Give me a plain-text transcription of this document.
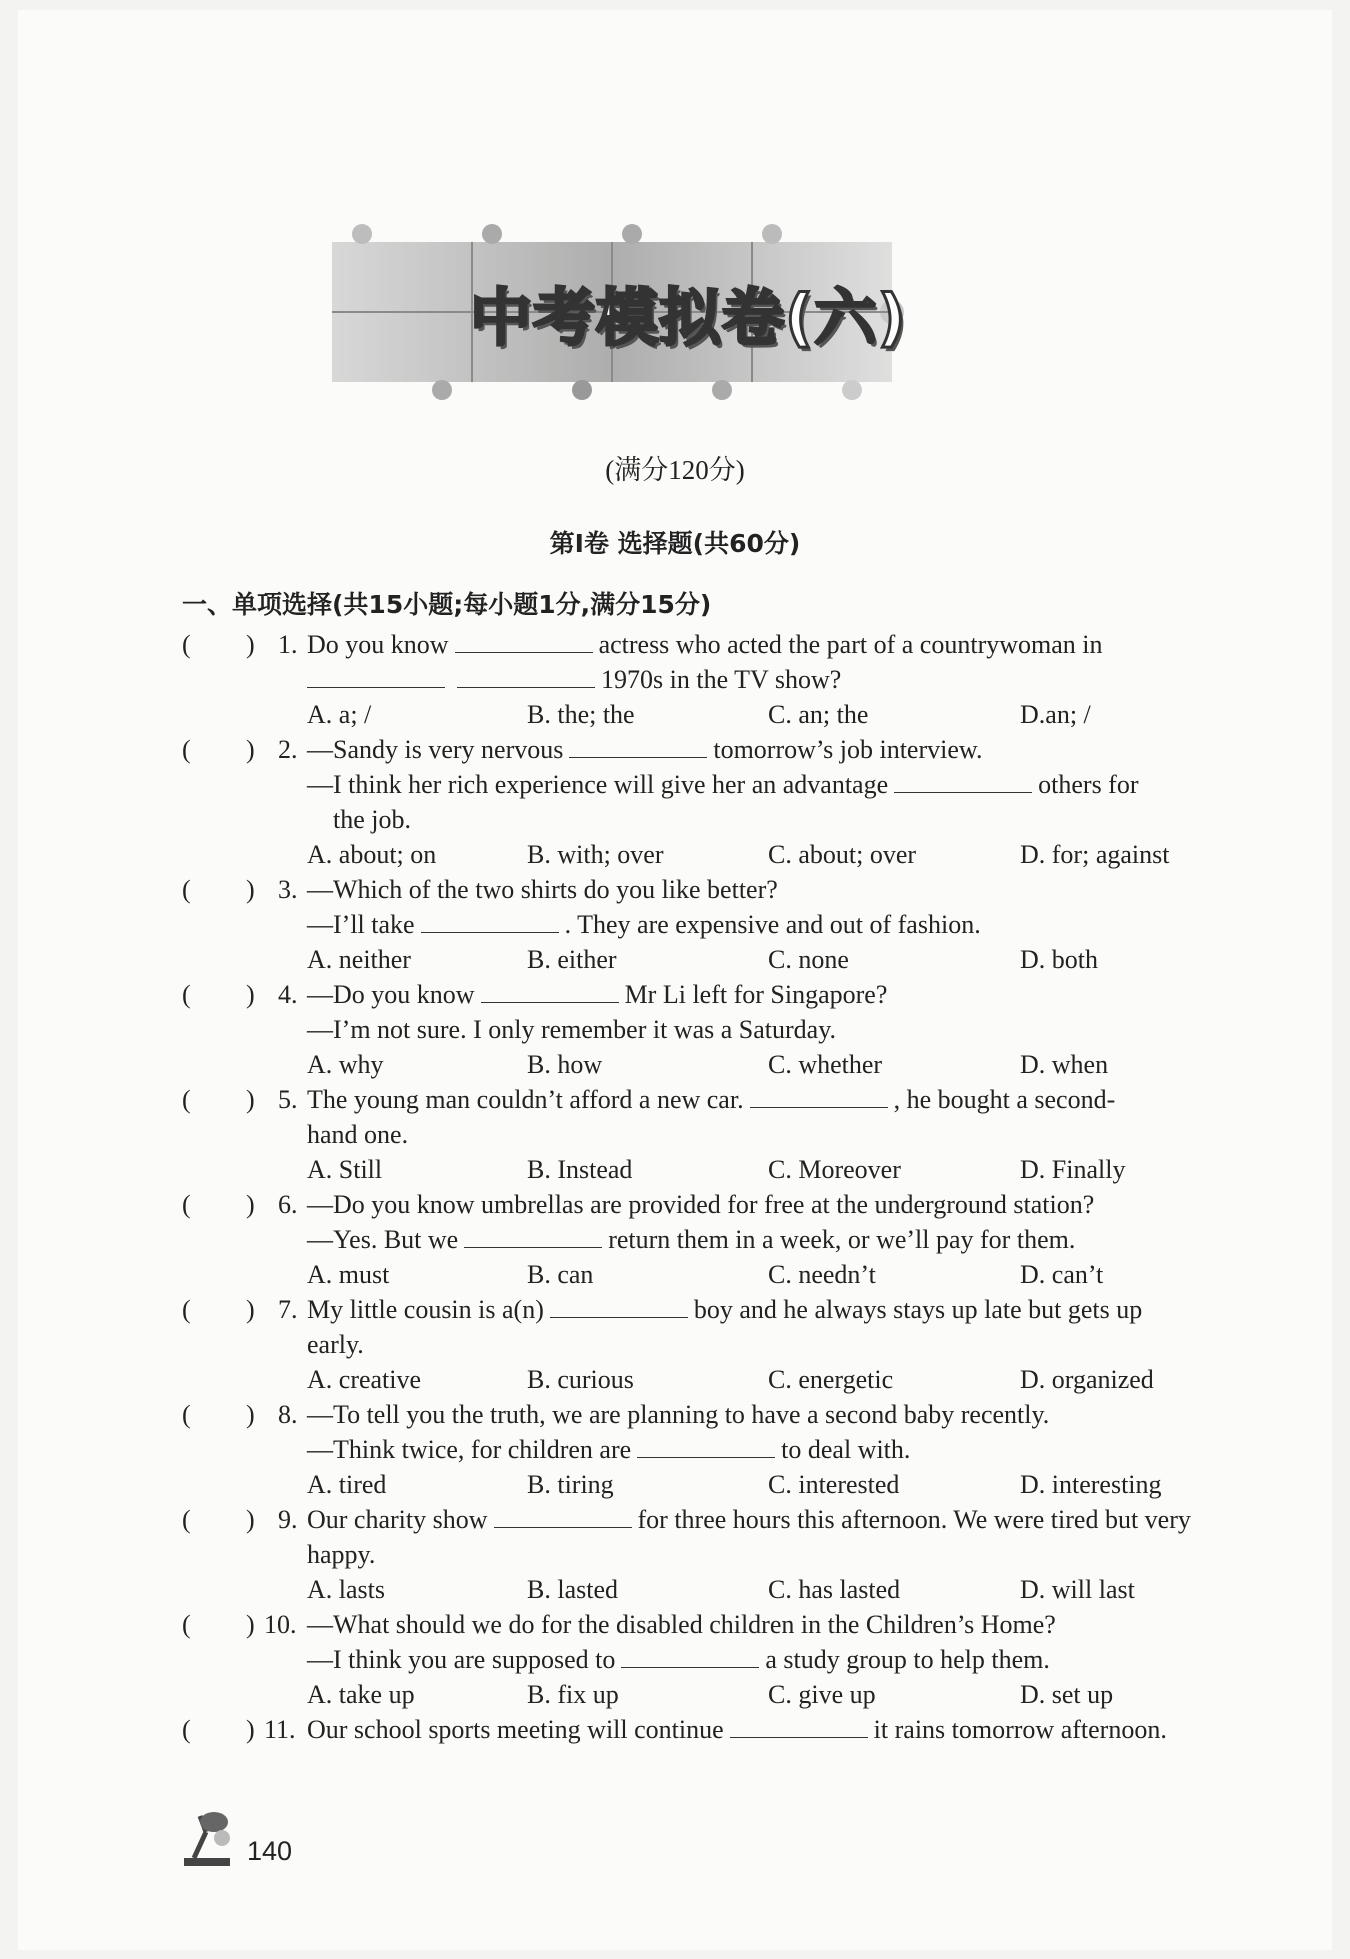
中考模拟卷(六)
(满分120分)
第I卷 选择题(共60分)
一、单项选择(共15小题;每小题1分,满分15分)
( ) 1. Do you know	actress who acted the part of a countrywoman in
1970s in the TV show?
A. a; /	B. the; the	C. an; the	D.an; /
( ) 2. —Sandy is very nervous	tomorrow’s job interview.
—I think her rich experience will give her an advantage	others for
the job.
A. about; on	B. with; over	C. about; over	D. for; against
( ) 3. —Which of the two shirts do you like better?
—I’ll take	. They are expensive and out of fashion.
A. neither	B. either	C. none	D. both
( ) 4. —Do you know	Mr Li left for Singapore?
—I’m not sure. I only remember it was a Saturday.
A. why	B. how	C. whether	D. when
( ) 5. The young man couldn’t afford a new car.	, he bought a second-
hand one.
A. Still	B. Instead	C. Moreover	D. Finally
( ) 6. —Do you know umbrellas are provided for free at the underground station?
—Yes. But we	return them in a week, or we’ll pay for them.
A. must	B. can	C. needn’t	D. can’t
( ) 7. My little cousin is a(n)	boy and he always stays up late but gets up
early.
A. creative	B. curious	C. energetic	D. organized
( ) 8. —To tell you the truth, we are planning to have a second baby recently.
—Think twice, for children are	to deal with.
A. tired	B. tiring	C. interested	D. interesting
( ) 9. Our charity show	for three hours this afternoon. We were tired but very
happy.
A. lasts	B. lasted	C. has lasted	D. will last
( ) 10. —What should we do for the disabled children in the Children’s Home?
—I think you are supposed to	a study group to help them.
A. take up	B. fix up	C. give up	D. set up
( ) 11. Our school sports meeting will continue	it rains tomorrow afternoon.
140
